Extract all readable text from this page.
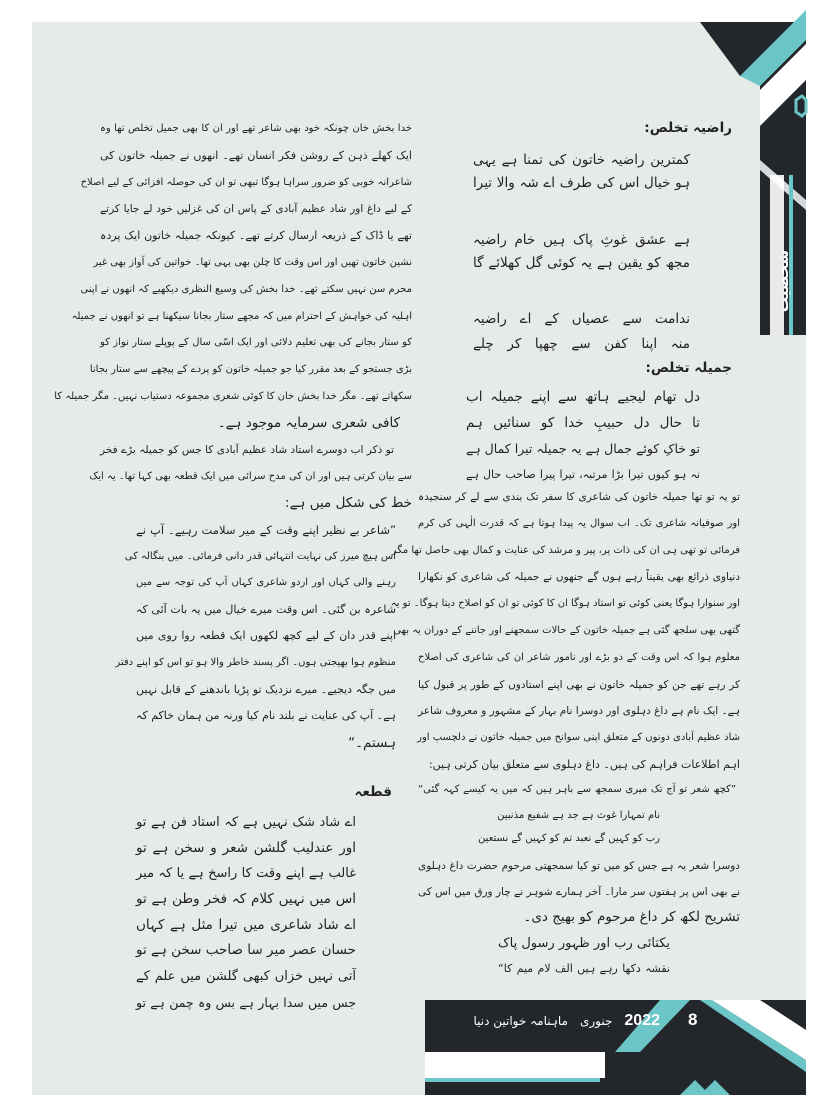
شخصیت
راضیہ تخلص:
کمترین راضیہ خاتون کی تمنا ہے یہی
ہو خیال اس کی طرف اے شہ والا تیرا
ہے عشق غوثِ پاک ہیں خام راضیہ
مجھ کو یقین ہے یہ کوئی گل کھلائے گا
ندامت سے عصیاں کے اے راضیہ
منہ اپنا کفن سے چھپا کر چلے
جمیلہ تخلص:
دل تھام لیجیے ہاتھ سے اپنے جمیلہ اب
تا حال دل حبیبِ خدا کو سنائیں ہم
تو خاکِ کوئے جمال ہے یہ جمیلہ تیرا کمال ہے
نہ ہو کیوں تیرا بڑا مرتبہ، تیرا پیرا صاحب حال ہے
تو یہ تو تھا جمیلہ خاتون کی شاعری کا سفر تک بندی سے لے کر سنجیدہ
اور صوفیانہ شاعری تک۔ اب سوال یہ پیدا ہوتا ہے کہ قدرت الٰہی کی کرم
فرمائی تو تھی ہی ان کی ذات پر، پیر و مرشد کی عنایت و کمال بھی حاصل تھا مگر
دنیاوی ذرائع بھی یقیناً رہے ہوں گے جنھوں نے جمیلہ کی شاعری کو نکھارا
اور سنوارا ہوگا یعنی کوئی تو استاد ہوگا ان کا کوئی تو ان کو اصلاح دیتا ہوگا۔ تو یہ
گتھی بھی سلجھ گئی ہے جمیلہ خاتون کے حالات سمجھنے اور جاننے کے دوران یہ بھی
معلوم ہوا کہ اس وقت کے دو بڑے اور نامور شاعر ان کی شاعری کی اصلاح
کر رہے تھے جن کو جمیلہ خاتون نے بھی اپنے استادوں کے طور پر قبول کیا
ہے۔ ایک نام ہے داغ دہلوی اور دوسرا نام بہار کے مشہور و معروف شاعر
شاد عظیم آبادی دونوں کے متعلق اپنی سوانح میں جمیلہ خاتون نے دلچسپ اور
اہم اطلاعات فراہم کی ہیں۔ داغ دہلوی سے متعلق بیان کرتی ہیں:
”کچھ شعر تو آج تک میری سمجھ سے باہر ہیں کہ میں یہ کیسے کہہ گئی“
نام تمہارا غوث ہے جد ہے شفیع مذنبین
رب کو کہیں گے نعبد تم کو کہیں گے نستعین
دوسرا شعر یہ ہے جس کو میں تو کیا سمجھتی مرحوم حضرت داغ دہلوی
نے بھی اس پر ہفتوں سر مارا۔ آخر ہمارے شوہر نے چار ورق میں اس کی
تشریح لکھ کر داغ مرحوم کو بھیج دی۔
یکتائی رب اور ظہور رسول پاک
نقشہ دکھا رہے ہیں الف لام میم کا“
خدا بخش خان چونکہ خود بھی شاعر تھے اور ان کا بھی جمیل تخلص تھا وہ
ایک کھلے ذہن کے روشن فکر انسان تھے۔ انھوں نے جمیلہ خاتون کی
شاعرانہ خوبی کو ضرور سراہا ہوگا تبھی تو ان کی حوصلہ افزائی کے لیے اصلاح
کے لیے داغ اور شاد عظیم آبادی کے پاس ان کی غزلیں خود لے جایا کرتے
تھے یا ڈاک کے ذریعہ ارسال کرتے تھے۔ کیونکہ جمیلہ خاتون ایک پردہ
نشین خاتون تھیں اور اس وقت کا چلن بھی یہی تھا۔ خواتین کی آواز بھی غیر
محرم سن نہیں سکتے تھے۔ خدا بخش کی وسیع النظری دیکھیے کہ انھوں نے اپنی
اہلیہ کی خواہش کے احترام میں کہ مجھے ستار بجانا سیکھنا ہے تو انھوں نے جمیلہ
کو ستار بجانے کی بھی تعلیم دلائی اور ایک اسّی سال کے پوپلے ستار نواز کو
بڑی جستجو کے بعد مقرر کیا جو جمیلہ خاتون کو پردے کے پیچھے سے ستار بجانا
سکھاتے تھے۔ مگر خدا بخش خان کا کوئی شعری مجموعہ دستیاب نہیں۔ مگر جمیلہ کا
کافی شعری سرمایہ موجود ہے۔
تو ذکر اب دوسرے استاد شاد عظیم آبادی کا جس کو جمیلہ بڑے فخر
سے بیان کرتی ہیں اور ان کی مدح سرائی میں ایک قطعہ بھی کہا تھا۔ یہ ایک
خط کی شکل میں ہے:
”شاعر بے نظیر اپنے وقت کے میر سلامت رہیے۔ آپ نے
اس ہیچ میرز کی نہایت انتہائی قدر دانی فرمائی۔ میں بنگالہ کی
رہنے والی کہاں اور اردو شاعری کہاں آپ کی توجہ سے میں
شاعرہ بن گئی۔ اس وقت میرے خیال میں یہ بات آئی کہ
اپنے قدر دان کے لیے کچھ لکھوں ایک قطعہ روا روی میں
منظوم ہوا بھیجتی ہوں۔ اگر پسند خاطر والا ہو تو اس کو اپنے دفتر
میں جگہ دیجیے۔ میرے نزدیک تو پڑیا باندھنے کے قابل نہیں
ہے۔ آپ کی عنایت نے بلند نام کیا ورنہ من ہمان خاکم کہ
ہستم۔“
قطعہ
اے شاد شک نہیں ہے کہ استاد فن ہے تو
اور عندلیب گلشن شعر و سخن ہے تو
غالب ہے اپنے وقت کا راسخ ہے یا کہ میر
اس میں نہیں کلام کہ فخر وطن ہے تو
اے شاد شاعری میں تیرا مثل ہے کہاں
حسان عصر میر سا صاحب سخن ہے تو
آتی نہیں خزاں کبھی گلشن میں علم کے
جس میں سدا بہار ہے بس وہ چمن ہے تو
2022
جنوری
ماہنامہ خواتین دنیا	8
